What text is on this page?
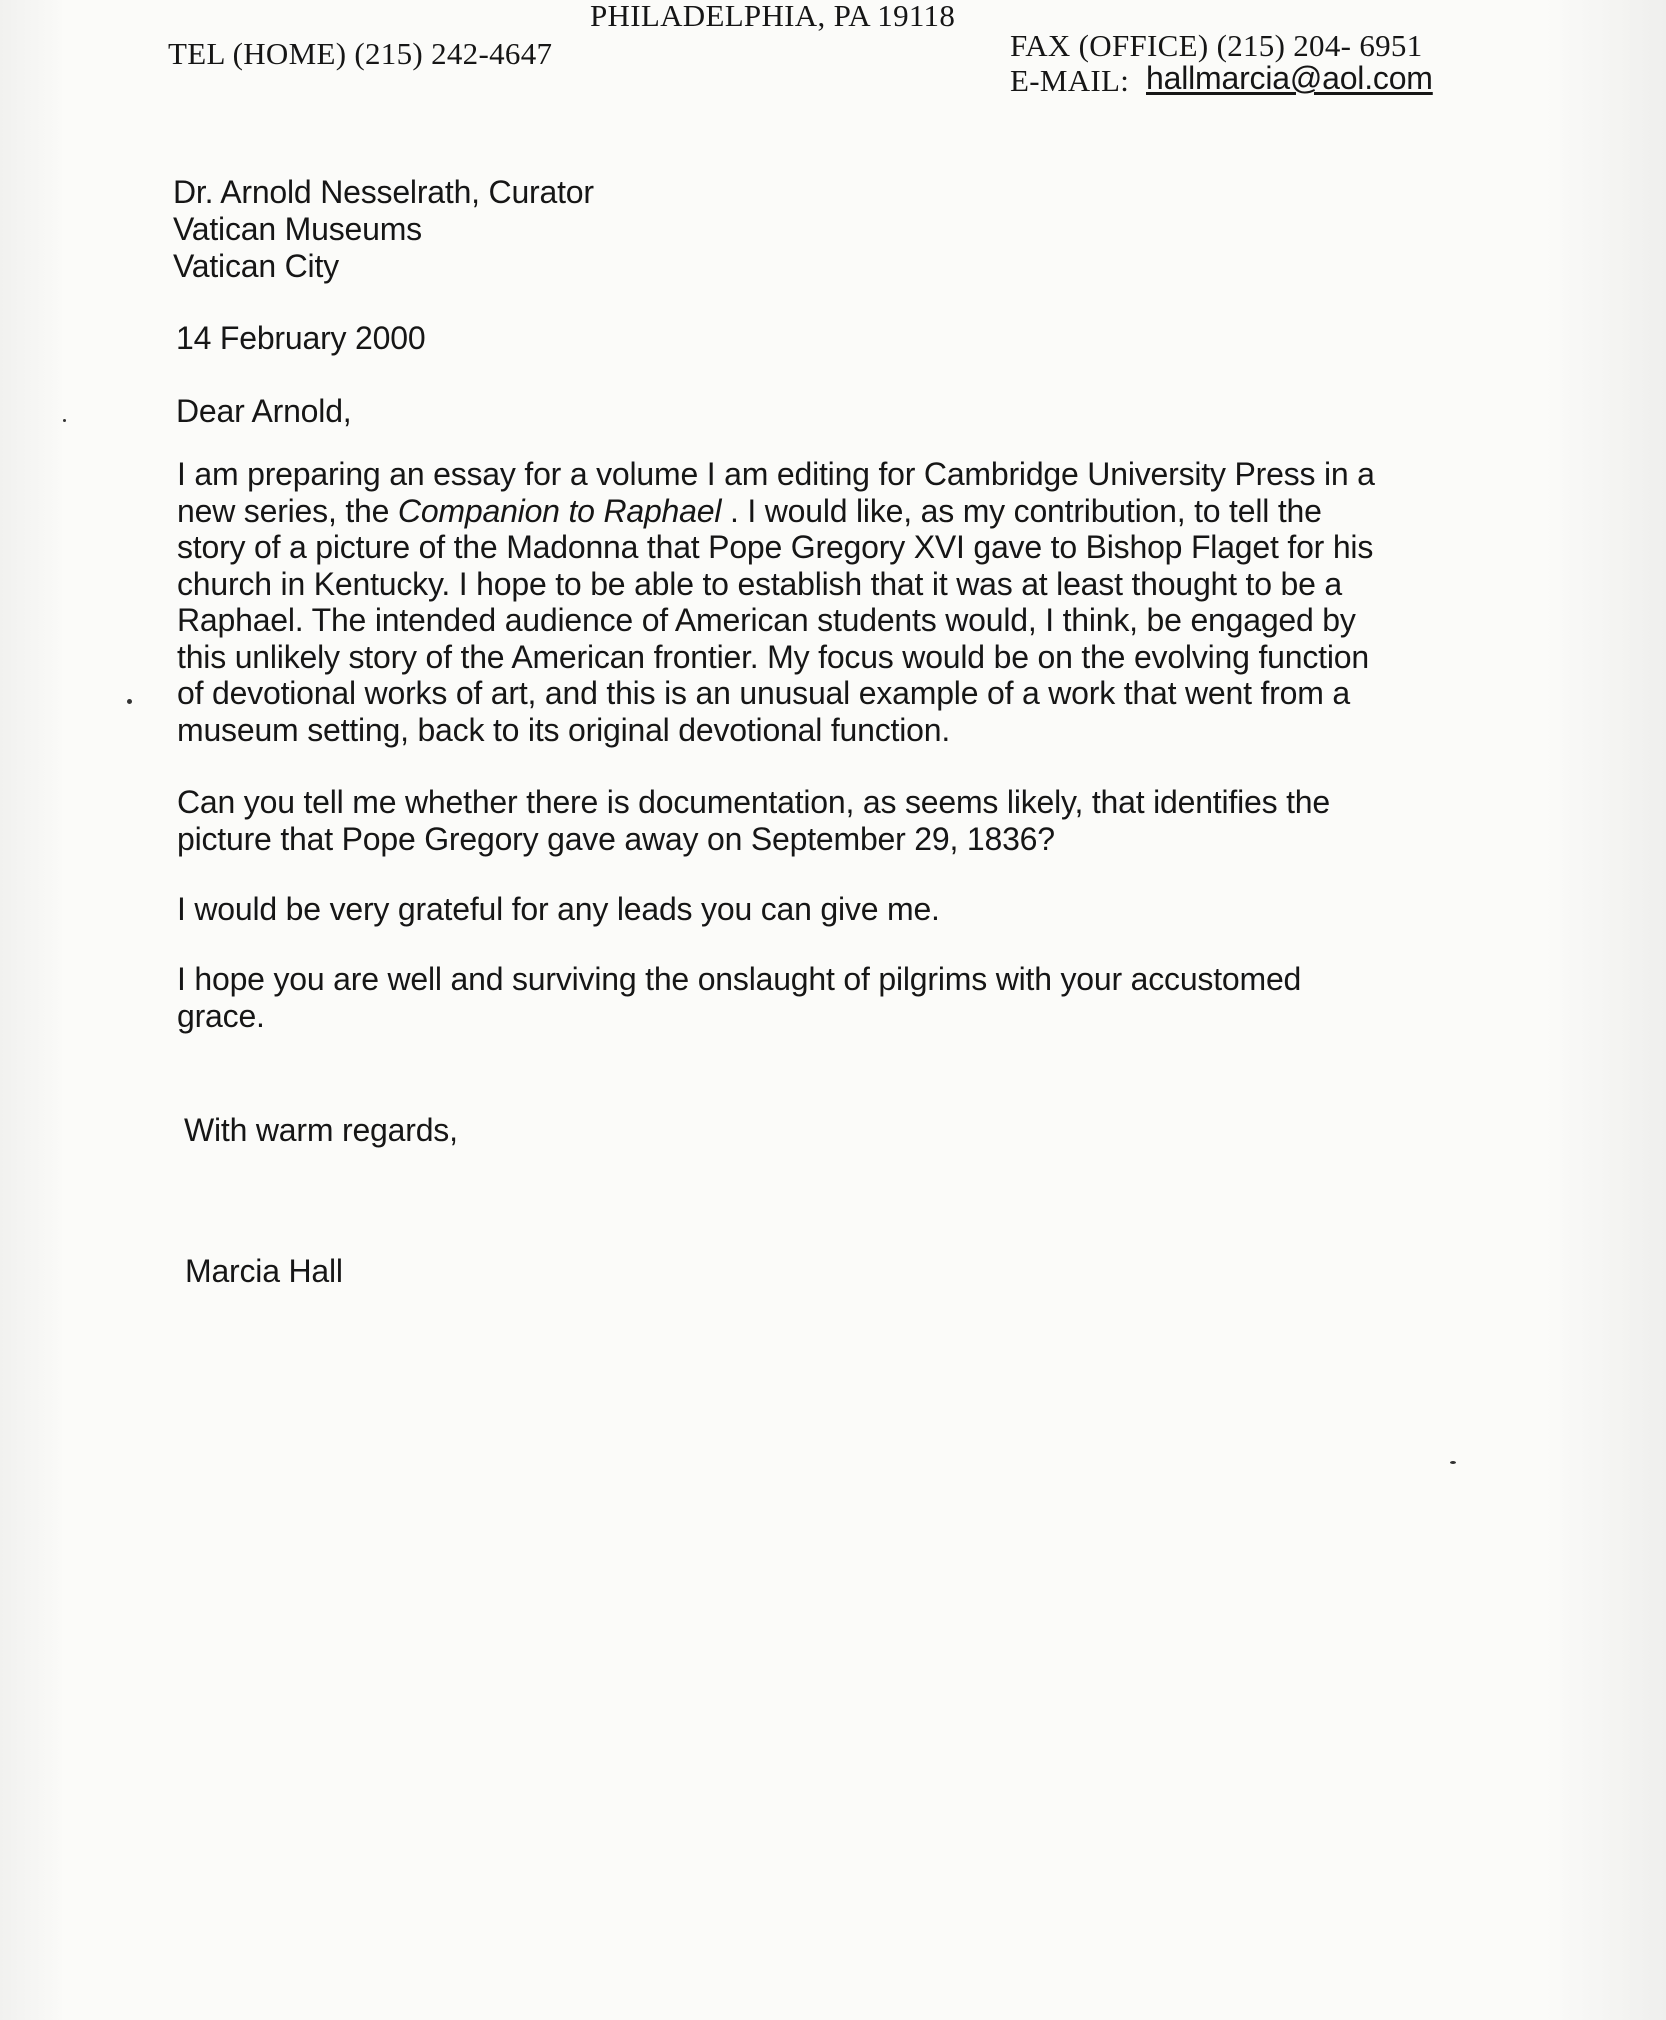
PHILADELPHIA, PA 19118
TEL (HOME) (215) 242-4647	FAX (OFFICE) (215) 204- 6951
E-MAIL: hallmarcia@aol.com
Dr. Arnold Nesselrath, Curator
Vatican Museums
Vatican City
14 February 2000
Dear Arnold,
I am preparing an essay for a volume I am editing for Cambridge University Press in a
new series, the Companion to Raphael . I would like, as my contribution, to tell the
story of a picture of the Madonna that Pope Gregory XVI gave to Bishop Flaget for his
church in Kentucky. I hope to be able to establish that it was at least thought to be a
Raphael. The intended audience of American students would, I think, be engaged by
this unlikely story of the American frontier. My focus would be on the evolving function
of devotional works of art, and this is an unusual example of a work that went from a
museum setting, back to its original devotional function.
Can you tell me whether there is documentation, as seems likely, that identifies the
picture that Pope Gregory gave away on September 29, 1836?
I would be very grateful for any leads you can give me.
I hope you are well and surviving the onslaught of pilgrims with your accustomed
grace.
With warm regards,
Marcia Hall
